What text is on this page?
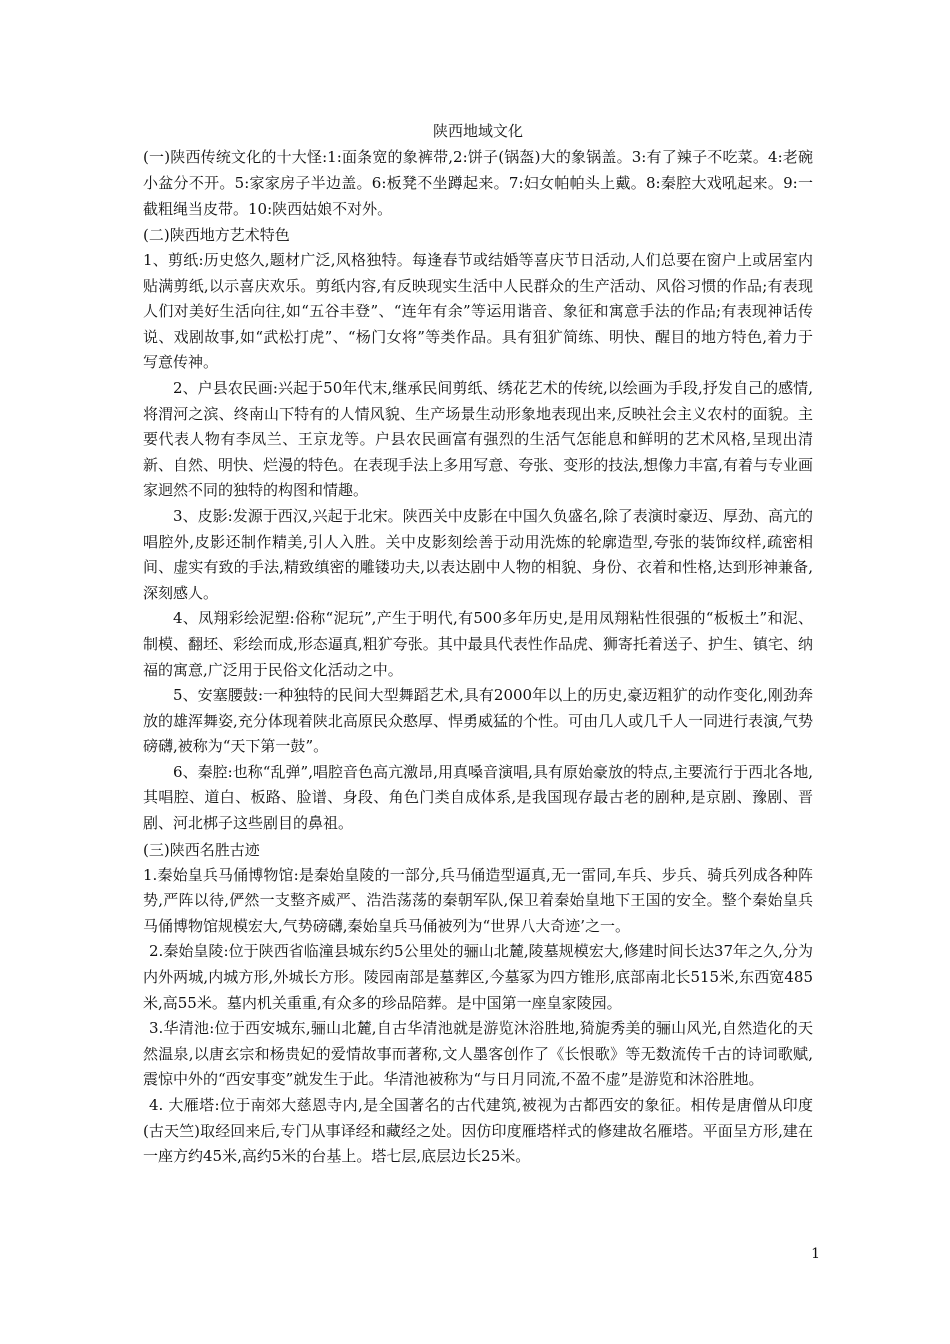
陕西地域文化

(一)陕西传统文化的十大怪:1:面条宽的象裤带,2:饼子(锅盔)大的象锅盖。3:有了辣子不吃菜。4:老碗小盆分不开。5:家家房子半边盖。6:板凳不坐蹲起来。7:妇女帕帕头上戴。8:秦腔大戏吼起来。9:一截粗绳当皮带。10:陕西姑娘不对外。

(二)陕西地方艺术特色

1、剪纸:历史悠久,题材广泛,风格独特。每逢春节或结婚等喜庆节日活动,人们总要在窗户上或居室内贴满剪纸,以示喜庆欢乐。剪纸内容,有反映现实生活中人民群众的生产活动、风俗习惯的作品;有表现人们对美好生活向往,如“五谷丰登”、“连年有余”等运用谐音、象征和寓意手法的作品;有表现神话传说、戏剧故事,如“武松打虎”、“杨门女将”等类作品。具有狙犷简练、明快、醒目的地方特色,着力于写意传神。

2、户县农民画:兴起于50年代末,继承民间剪纸、绣花艺术的传统,以绘画为手段,抒发自己的感情,将渭河之滨、终南山下特有的人情风貌、生产场景生动形象地表现出来,反映社会主义农村的面貌。主要代表人物有李凤兰、王京龙等。户县农民画富有强烈的生活气怎能息和鲜明的艺术风格,呈现出清新、自然、明快、烂漫的特色。在表现手法上多用写意、夸张、变形的技法,想像力丰富,有着与专业画家迥然不同的独特的构图和情趣。

3、皮影:发源于西汉,兴起于北宋。陕西关中皮影在中国久负盛名,除了表演时豪迈、厚劲、高亢的唱腔外,皮影还制作精美,引人入胜。关中皮影刻绘善于动用洗炼的轮廓造型,夸张的装饰纹样,疏密相间、虚实有致的手法,精致缜密的雕镂功夫,以表达剧中人物的相貌、身份、衣着和性格,达到形神兼备,深刻感人。

4、凤翔彩绘泥塑:俗称“泥玩”,产生于明代,有500多年历史,是用凤翔粘性很强的“板板土”和泥、制模、翻坯、彩绘而成,形态逼真,粗犷夸张。其中最具代表性作品虎、狮寄托着送子、护生、镇宅、纳福的寓意,广泛用于民俗文化活动之中。

5、安塞腰鼓:一种独特的民间大型舞蹈艺术,具有2000年以上的历史,豪迈粗犷的动作变化,刚劲奔放的雄浑舞姿,充分体现着陕北高原民众憨厚、悍勇威猛的个性。可由几人或几千人一同进行表演,气势磅礴,被称为“天下第一鼓”。

6、秦腔:也称“乱弹”,唱腔音色高亢激昂,用真嗓音演唱,具有原始豪放的特点,主要流行于西北各地,其唱腔、道白、板路、脸谱、身段、角色门类自成体系,是我国现存最古老的剧种,是京剧、豫剧、晋剧、河北梆子这些剧目的鼻祖。

(三)陕西名胜古迹

1.秦始皇兵马俑博物馆:是秦始皇陵的一部分,兵马俑造型逼真,无一雷同,车兵、步兵、骑兵列成各种阵势,严阵以待,俨然一支整齐威严、浩浩荡荡的秦朝军队,保卫着秦始皇地下王国的安全。整个秦始皇兵马俑博物馆规模宏大,气势磅礴,秦始皇兵马俑被列为“世界八大奇迹’之一。

2.秦始皇陵:位于陕西省临潼县城东约5公里处的骊山北麓,陵墓规模宏大,修建时间长达37年之久,分为内外两城,内城方形,外城长方形。陵园南部是墓葬区,今墓冢为四方锥形,底部南北长515米,东西宽485米,高55米。墓内机关重重,有众多的珍品陪葬。是中国第一座皇家陵园。

3.华清池:位于西安城东,骊山北麓,自古华清池就是游览沐浴胜地,猗旎秀美的骊山风光,自然造化的天然温泉,以唐玄宗和杨贵妃的爱情故事而著称,文人墨客创作了《长恨歌》等无数流传千古的诗词歌赋,震惊中外的“西安事变”就发生于此。华清池被称为“与日月同流,不盈不虚”是游览和沐浴胜地。

4. 大雁塔:位于南郊大慈恩寺内,是全国著名的古代建筑,被视为古都西安的象征。相传是唐僧从印度(古天竺)取经回来后,专门从事译经和藏经之处。因仿印度雁塔样式的修建故名雁塔。平面呈方形,建在一座方约45米,高约5米的台基上。塔七层,底层边长25米。

1
